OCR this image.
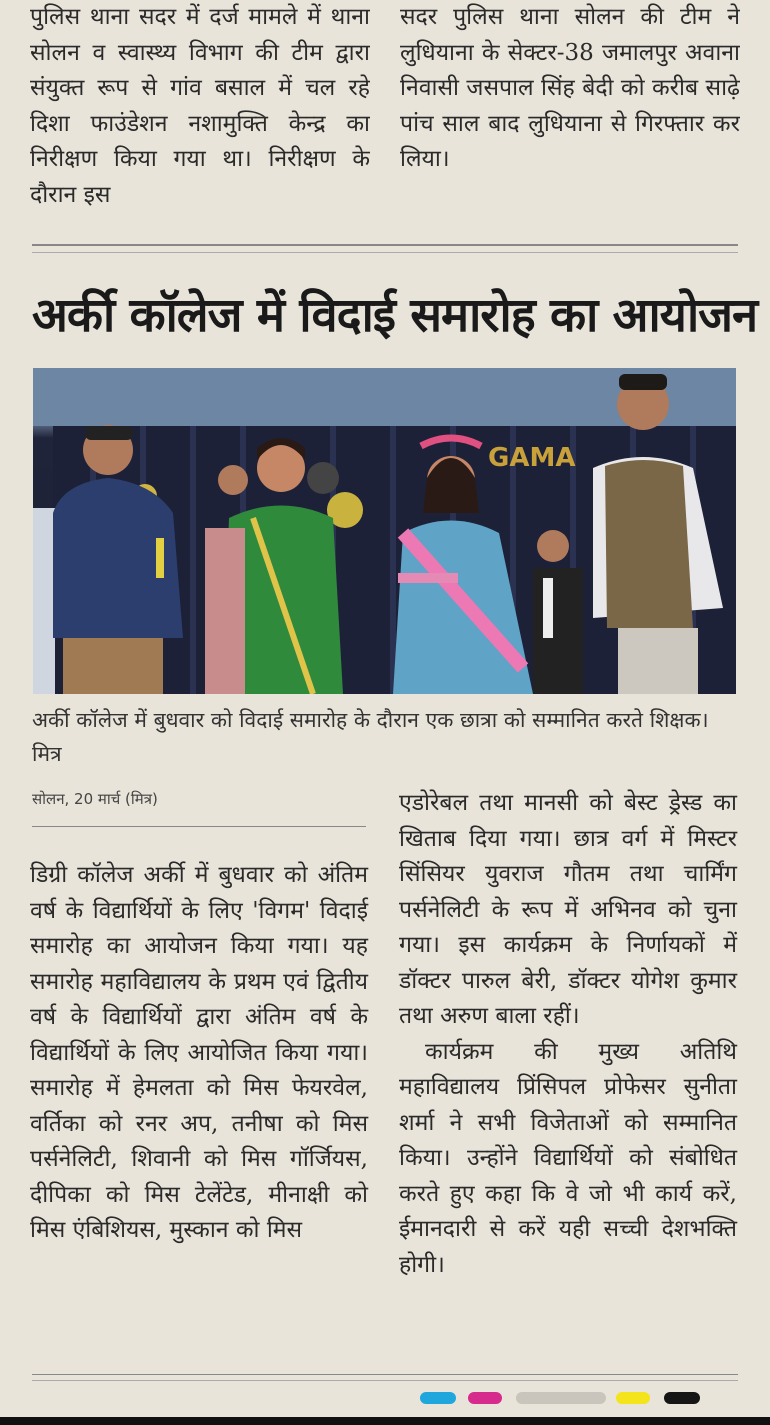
पुलिस थाना सदर में दर्ज मामले में थाना सोलन व स्वास्थ्य विभाग की टीम द्वारा संयुक्त रूप से गांव बसाल में चल रहे दिशा फाउंडेशन नशामुक्ति केन्द्र का निरीक्षण किया गया था। निरीक्षण के दौरान इस

सदर पुलिस थाना सोलन की टीम ने लुधियाना के सेक्टर-38 जमालपुर अवाना निवासी जसपाल सिंह बेदी को करीब साढ़े पांच साल बाद लुधियाना से गिरफ्तार कर लिया।

अर्की कॉलेज में विदाई समारोह का आयोजन
GAMA
अर्की कॉलेज में बुधवार को विदाई समारोह के दौरान एक छात्रा को सम्मानित करते शिक्षक। मित्र
सोलन, 20 मार्च (मित्र)

डिग्री कॉलेज अर्की में बुधवार को अंतिम वर्ष के विद्यार्थियों के लिए 'विगम' विदाई समारोह का आयोजन किया गया। यह समारोह महाविद्यालय के प्रथम एवं द्वितीय वर्ष के विद्यार्थियों द्वारा अंतिम वर्ष के विद्यार्थियों के लिए आयोजित किया गया। समारोह में हेमलता को मिस फेयरवेल, वर्तिका को रनर अप, तनीषा को मिस पर्सनेलिटी, शिवानी को मिस गॉर्जियस, दीपिका को मिस टेलेंटेड, मीनाक्षी को मिस एंबिशियस, मुस्कान को मिस

एडोरेबल तथा मानसी को बेस्ट ड्रेस्ड का खिताब दिया गया। छात्र वर्ग में मिस्टर सिंसियर युवराज गौतम तथा चार्मिंग पर्सनेलिटी के रूप में अभिनव को चुना गया। इस कार्यक्रम के निर्णायकों में डॉक्टर पारुल बेरी, डॉक्टर योगेश कुमार तथा अरुण बाला रहीं।

कार्यक्रम की मुख्य अतिथि महाविद्यालय प्रिंसिपल प्रोफेसर सुनीता शर्मा ने सभी विजेताओं को सम्मानित किया। उन्होंने विद्यार्थियों को संबोधित करते हुए कहा कि वे जो भी कार्य करें, ईमानदारी से करें यही सच्ची देशभक्ति होगी।
